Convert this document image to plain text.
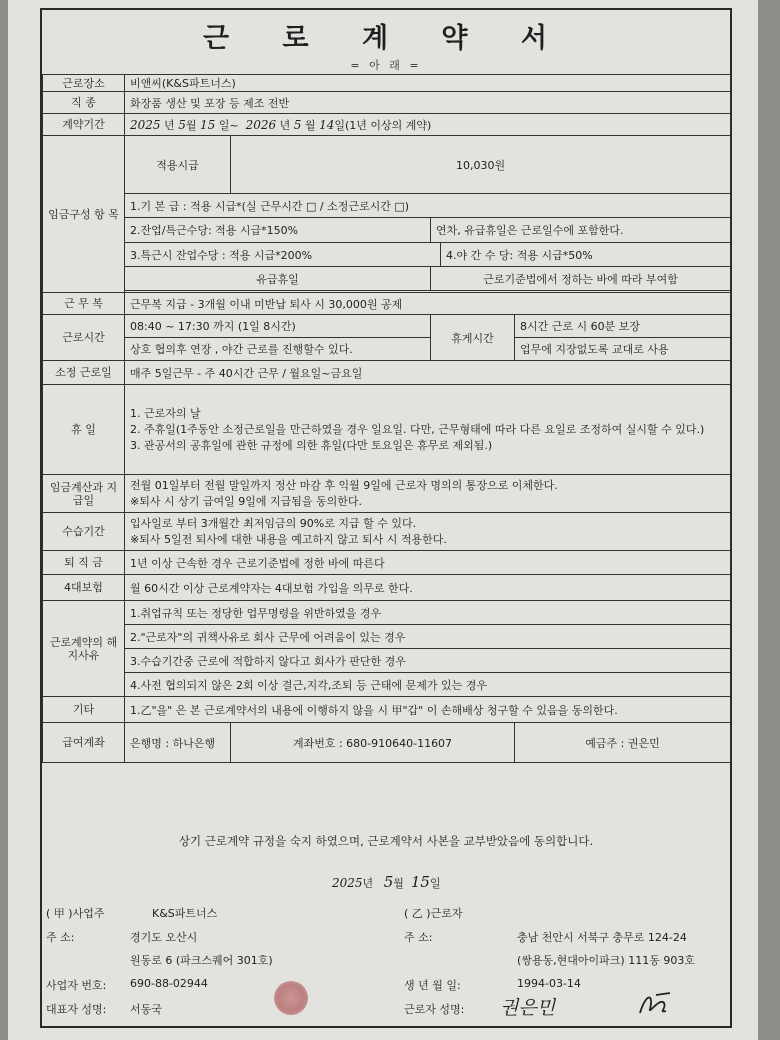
근 로 계 약 서
= 아 래 =
근로장소	비앤씨(K&S파트너스)				
직 종	화장품 생산 및 포장 등 제조 전반				
계약기간	2025 년 5월 15 일~ 2026 년 5 월 14일(1년 이상의 계약)				
임금구성 항 목	적용시급	10,030원			
	1.기 본 급 : 적용 시급*(실 근무시간 □ / 소정근로시간 □)				
	2.잔업/특근수당: 적용 시급*150%		연차, 유급휴일은 근로일수에 포함한다.		
	3.특근시 잔업수당 : 적용 시급*200%			4.야 간 수 당: 적용 시급*50%	
	유급휴일		근로기준법에서 정하는 바에 따라 부여함		

근 무 복	근무복 지급 - 3개월 이내 미반납 퇴사 시 30,000원 공제				
근로시간	08:40 ~ 17:30 까지 (1일 8시간)		휴게시간		8시간 근로 시 60분 보장
	상호 협의후 연장 , 야간 근로를 진행할수 있다.				업무에 지장없도록 교대로 사용
소정 근로일	매주 5일근무 - 주 40시간 근무 / 월요일~금요일				
휴 일	1. 근로자의 날
2. 주휴일(1주동안 소정근로일을 만근하였을 경우 일요일. 다만, 근무형태에 따라 다른 요일로 조정하여 실시할 수 있다.)
3. 관공서의 공휴일에 관한 규정에 의한 휴일(다만 토요일은 휴무로 제외됨.)				

임금계산과 지급일	전월 01일부터 전월 말일까지 정산 마감 후 익월 9일에 근로자 명의의 통장으로 이체한다.
※퇴사 시 상기 급여일 9일에 지급됨을 동의한다.				

수습기간	입사일로 부터 3개월간 최저임금의 90%로 지급 할 수 있다.
※퇴사 5일전 퇴사에 대한 내용을 예고하지 않고 퇴사 시 적용한다.				

퇴 직 금	1년 이상 근속한 경우 근로기준법에 정한 바에 따른다				
4대보험	월 60시간 이상 근로계약자는 4대보험 가입을 의무로 한다.				
근로계약의 해지사유	1.취업규칙 또는 정당한 업무명령을 위반하였을 경우				
	2."근로자"의 귀책사유로 회사 근무에 어려움이 있는 경우				
	3.수습기간중 근로에 적합하지 않다고 회사가 판단한 경우				
	4.사전 협의되지 않은 2회 이상 결근,지각,조퇴 등 근태에 문제가 있는 경우				
기타	1.乙"을" 은 본 근로계약서의 내용에 이행하지 않을 시 甲"갑" 이 손해배상 청구할 수 있음을 동의한다.				
급여계좌	은행명 : 하나은행	계좌번호 : 680-910640-11607			예금주 : 권은민
상기 근로계약 규정을 숙지 하였으며, 근로계약서 사본을 교부받았음에 동의합니다.
2025년 5월 15일
( 甲 )사업주	K&S파트너스
주 소:	경기도 오산시
원동로 6 (파크스퀘어 301호)
사업자 번호: 690-88-02944
대표자 성명: 서동국
( 乙 )근로자
주 소:	충남 천안시 서북구 충무로 124-24
(쌍용동,현대아이파크) 111동 903호
생 년 월 일:	1994-03-14
근로자 성명: 권은민
